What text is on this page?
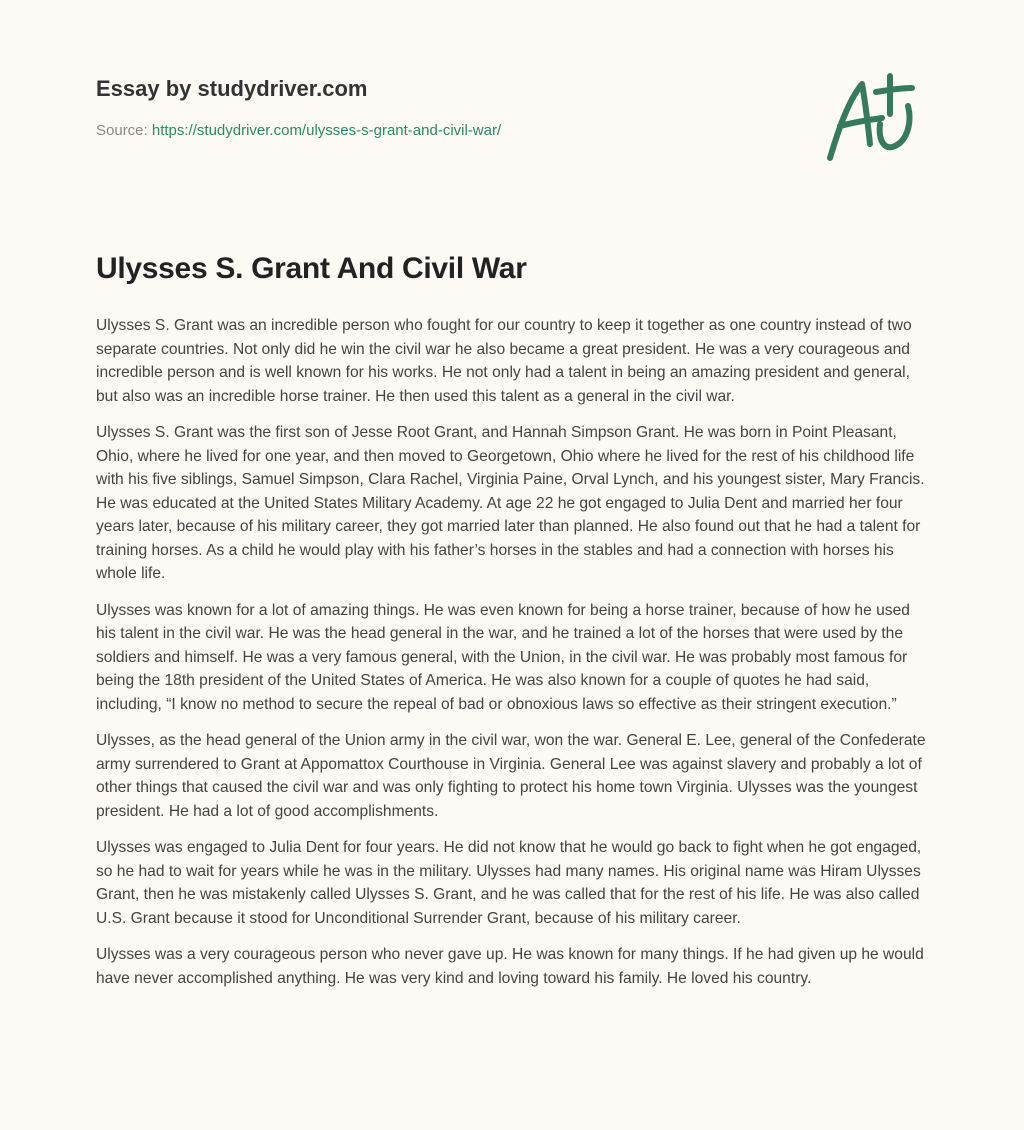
Essay by studydriver.com
Source: https://studydriver.com/ulysses-s-grant-and-civil-war/
Ulysses S. Grant And Civil War

Ulysses S. Grant was an incredible person who fought for our country to keep it together as one country instead of two separate countries. Not only did he win the civil war he also became a great president. He was a very courageous and incredible person and is well known for his works. He not only had a talent in being an amazing president and general, but also was an incredible horse trainer. He then used this talent as a general in the civil war.

Ulysses S. Grant was the first son of Jesse Root Grant, and Hannah Simpson Grant. He was born in Point Pleasant, Ohio, where he lived for one year, and then moved to Georgetown, Ohio where he lived for the rest of his childhood life with his five siblings, Samuel Simpson, Clara Rachel, Virginia Paine, Orval Lynch, and his youngest sister, Mary Francis. He was educated at the United States Military Academy. At age 22 he got engaged to Julia Dent and married her four years later, because of his military career, they got married later than planned. He also found out that he had a talent for training horses. As a child he would play with his father’s horses in the stables and had a connection with horses his whole life.

Ulysses was known for a lot of amazing things. He was even known for being a horse trainer, because of how he used his talent in the civil war. He was the head general in the war, and he trained a lot of the horses that were used by the soldiers and himself. He was a very famous general, with the Union, in the civil war. He was probably most famous for being the 18th president of the United States of America. He was also known for a couple of quotes he had said, including, “I know no method to secure the repeal of bad or obnoxious laws so effective as their stringent execution.”

Ulysses, as the head general of the Union army in the civil war, won the war. General E. Lee, general of the Confederate army surrendered to Grant at Appomattox Courthouse in Virginia. General Lee was against slavery and probably a lot of other things that caused the civil war and was only fighting to protect his home town Virginia. Ulysses was the youngest president. He had a lot of good accomplishments.

Ulysses was engaged to Julia Dent for four years. He did not know that he would go back to fight when he got engaged, so he had to wait for years while he was in the military. Ulysses had many names. His original name was Hiram Ulysses Grant, then he was mistakenly called Ulysses S. Grant, and he was called that for the rest of his life. He was also called U.S. Grant because it stood for Unconditional Surrender Grant, because of his military career.

Ulysses was a very courageous person who never gave up. He was known for many things. If he had given up he would have never accomplished anything. He was very kind and loving toward his family. He loved his country.
